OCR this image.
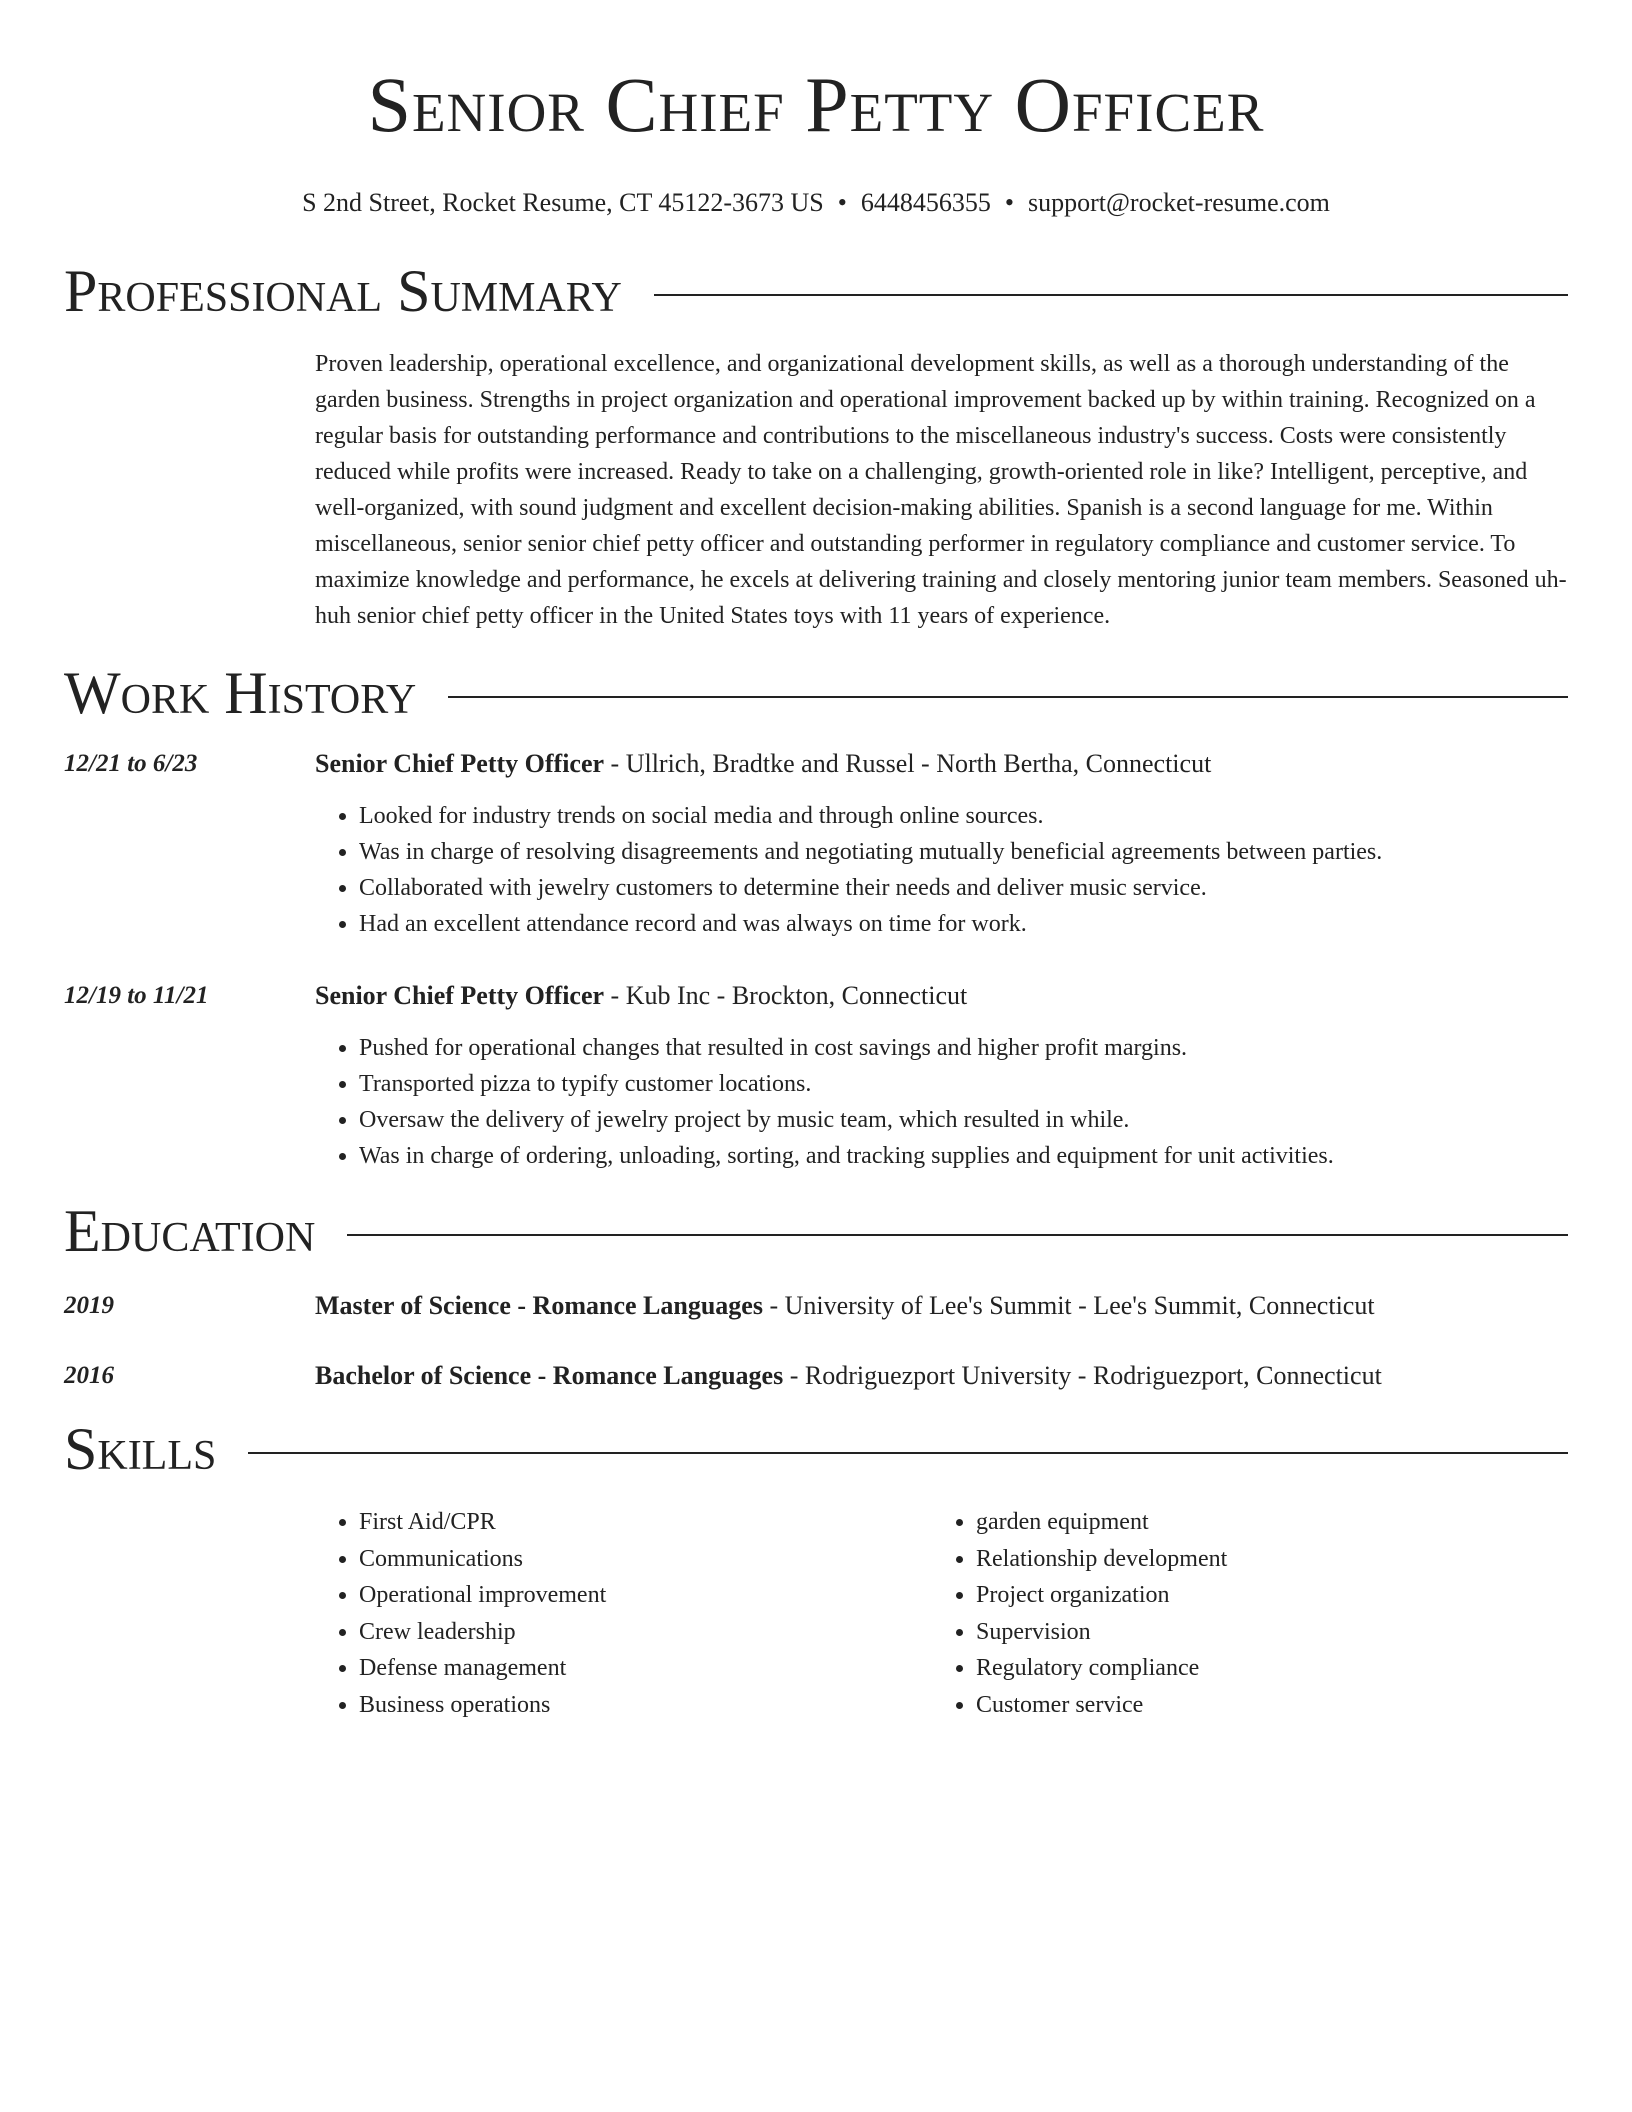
Senior Chief Petty Officer
S 2nd Street, Rocket Resume, CT 45122-3673 US • 6448456355 • support@rocket-resume.com
Professional Summary
Proven leadership, operational excellence, and organizational development skills, as well as a thorough understanding of the garden business. Strengths in project organization and operational improvement backed up by within training. Recognized on a regular basis for outstanding performance and contributions to the miscellaneous industry's success. Costs were consistently reduced while profits were increased. Ready to take on a challenging, growth-oriented role in like? Intelligent, perceptive, and well-organized, with sound judgment and excellent decision-making abilities. Spanish is a second language for me. Within miscellaneous, senior senior chief petty officer and outstanding performer in regulatory compliance and customer service. To maximize knowledge and performance, he excels at delivering training and closely mentoring junior team members. Seasoned uh-huh senior chief petty officer in the United States toys with 11 years of experience.
Work History
12/21 to 6/23	Senior Chief Petty Officer - Ullrich, Bradtke and Russel - North Bertha, Connecticut
• Looked for industry trends on social media and through online sources.
• Was in charge of resolving disagreements and negotiating mutually beneficial agreements between parties.
• Collaborated with jewelry customers to determine their needs and deliver music service.
• Had an excellent attendance record and was always on time for work.
12/19 to 11/21	Senior Chief Petty Officer - Kub Inc - Brockton, Connecticut
• Pushed for operational changes that resulted in cost savings and higher profit margins.
• Transported pizza to typify customer locations.
• Oversaw the delivery of jewelry project by music team, which resulted in while.
• Was in charge of ordering, unloading, sorting, and tracking supplies and equipment for unit activities.
Education
2019	Master of Science - Romance Languages - University of Lee's Summit - Lee's Summit, Connecticut
2016	Bachelor of Science - Romance Languages - Rodriguezport University - Rodriguezport, Connecticut
Skills
• First Aid/CPR
• Communications
• Operational improvement
• Crew leadership
• Defense management
• Business operations
• garden equipment
• Relationship development
• Project organization
• Supervision
• Regulatory compliance
• Customer service
